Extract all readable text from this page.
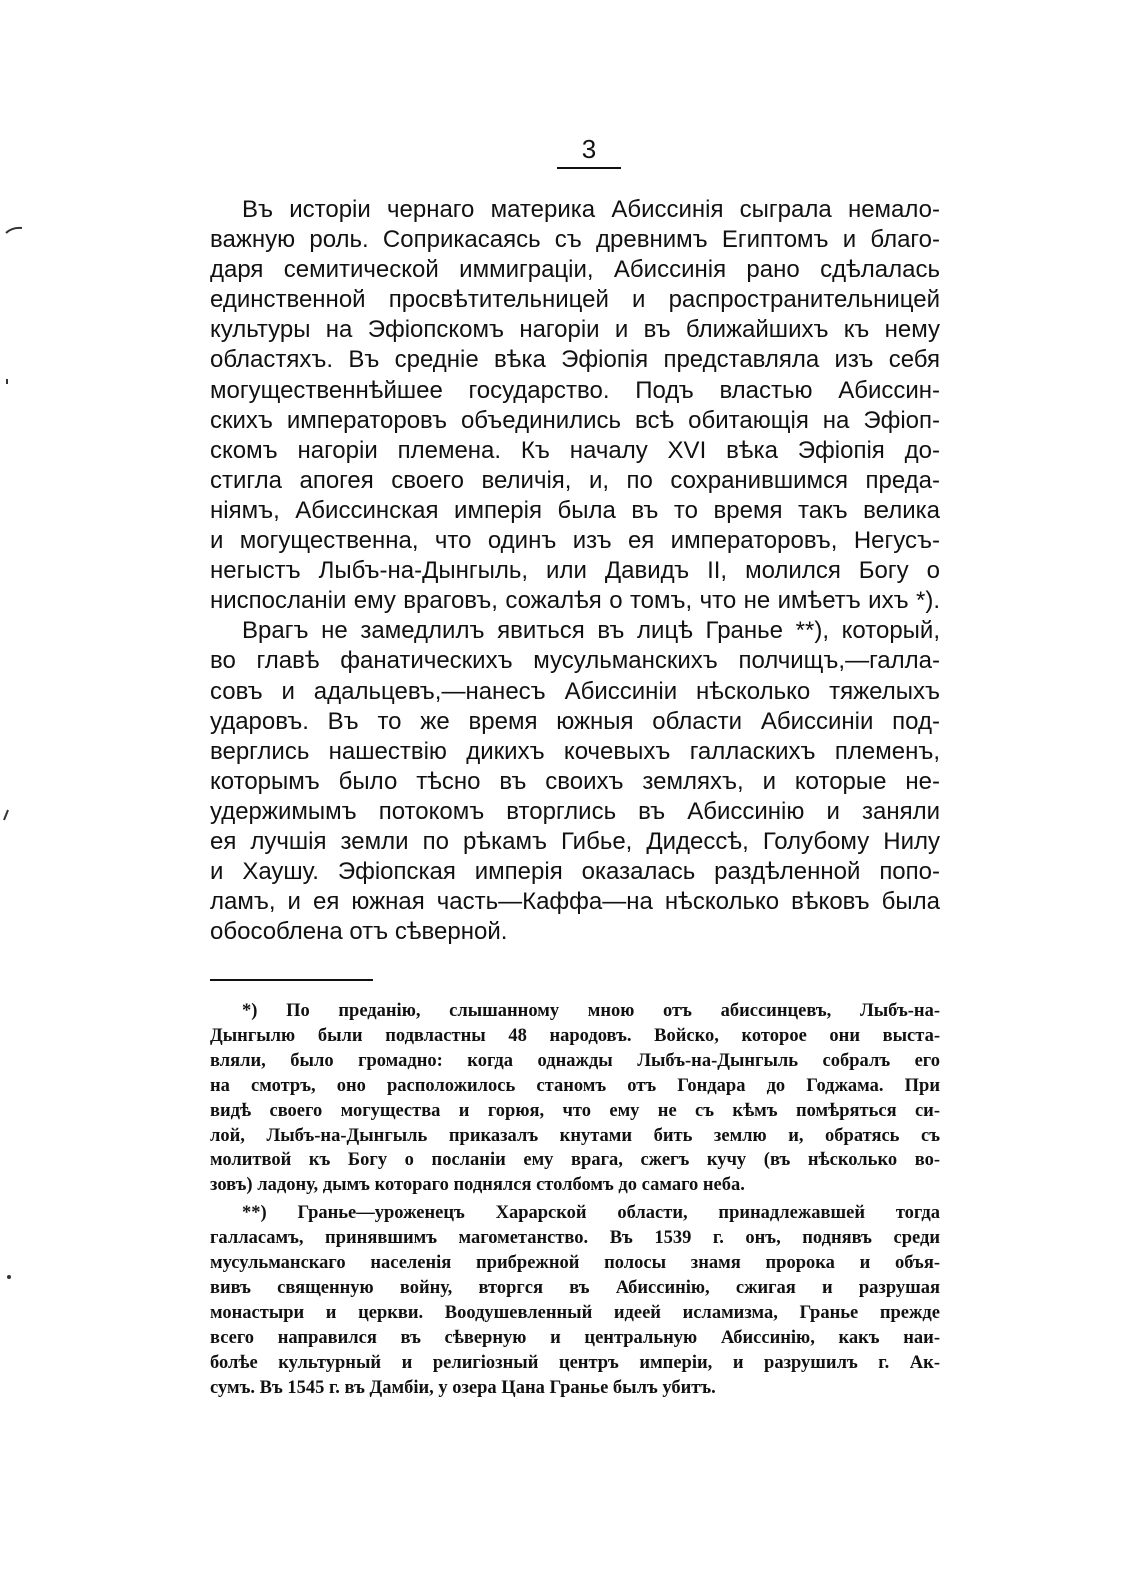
3
Въ исторіи чернаго материка Абиссинія сыграла немало-
важную роль. Соприкасаясь съ древнимъ Египтомъ и благо-
даря семитической иммиграціи, Абиссинія рано сдѣлалась
единственной просвѣтительницей и распространительницей
культуры на Эфіопскомъ нагоріи и въ ближайшихъ къ нему
областяхъ. Въ средніе вѣка Эфіопія представляла изъ себя
могущественнѣйшее государство. Подъ властью Абиссин-
скихъ императоровъ объединились всѣ обитающія на Эфіоп-
скомъ нагоріи племена. Къ началу XVI вѣка Эфіопія до-
стигла апогея своего величія, и, по сохранившимся преда-
ніямъ, Абиссинская имперія была въ то время такъ велика
и могущественна, что одинъ изъ ея императоровъ, Негусъ-
негыстъ Лыбъ-на-Дынгыль, или Давидъ II, молился Богу о
ниспосланіи ему враговъ, сожалѣя о томъ, что не имѣетъ ихъ *).
Врагъ не замедлилъ явиться въ лицѣ Гранье **), который,
во главѣ фанатическихъ мусульманскихъ полчищъ,—галла-
совъ и адальцевъ,—нанесъ Абиссиніи нѣсколько тяжелыхъ
ударовъ. Въ то же время южныя области Абиссиніи под-
верглись нашествію дикихъ кочевыхъ галласкихъ племенъ,
которымъ было тѣсно въ своихъ земляхъ, и которые не-
удержимымъ потокомъ вторглись въ Абиссинію и заняли
ея лучшія земли по рѣкамъ Гибье, Дидессѣ, Голубому Нилу
и Хаушу. Эфіопская имперія оказалась раздѣленной попо-
ламъ, и ея южная часть—Каффа—на нѣсколько вѣковъ была
обособлена отъ сѣверной.
*) По преданію, слышанному мною отъ абиссинцевъ, Лыбъ-на-
Дынгылю были подвластны 48 народовъ. Войско, которое они выста-
вляли, было громадно: когда однажды Лыбъ-на-Дынгыль собралъ его
на смотръ, оно расположилось станомъ отъ Гондара до Годжама. При
видѣ своего могущества и горюя, что ему не съ кѣмъ помѣряться си-
лой, Лыбъ-на-Дынгыль приказалъ кнутами бить землю и, обратясь съ
молитвой къ Богу о посланіи ему врага, сжегъ кучу (въ нѣсколько во-
зовъ) ладону, дымъ котораго поднялся столбомъ до самаго неба.
**) Гранье—уроженецъ Харарской области, принадлежавшей тогда
галласамъ, принявшимъ магометанство. Въ 1539 г. онъ, поднявъ среди
мусульманскаго населенія прибрежной полосы знамя пророка и объя-
вивъ священную войну, вторгся въ Абиссинію, сжигая и разрушая
монастыри и церкви. Воодушевленный идеей исламизма, Гранье прежде
всего направился въ сѣверную и центральную Абиссинію, какъ наи-
болѣе культурный и религіозный центръ имперіи, и разрушилъ г. Ак-
сумъ. Въ 1545 г. въ Дамбіи, у озера Цана Гранье былъ убитъ.
